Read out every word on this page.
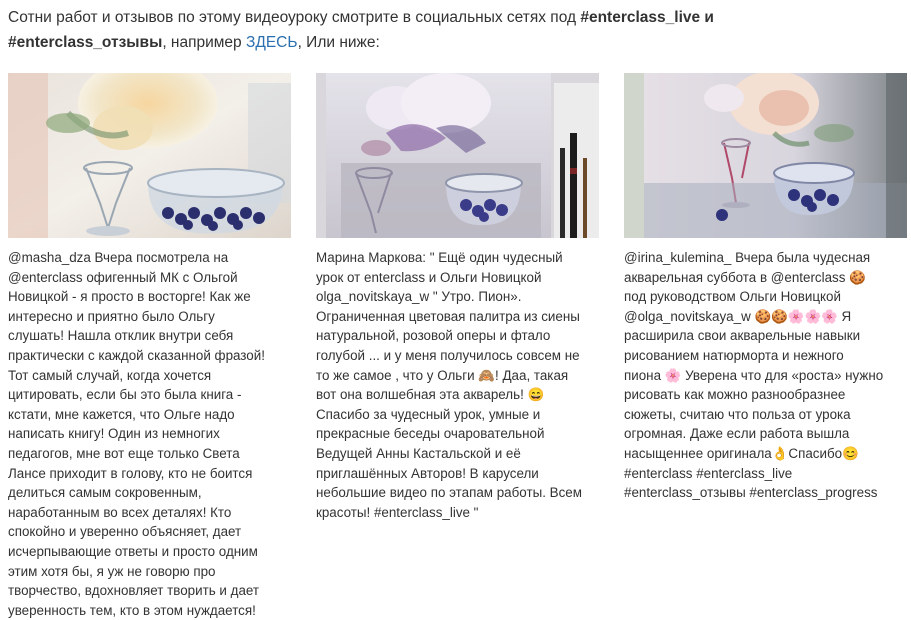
Сотни работ и отзывов по этому видеоуроку смотрите в социальных сетях под #enterclass_live и
#enterclass_отзывы, например ЗДЕСЬ, Или ниже:
@masha_dza Вчера посмотрела на
@enterclass офигенный МК с Ольгой
Новицкой - я просто в восторге! Как же
интересно и приятно было Ольгу
слушать! Нашла отклик внутри себя
практически с каждой сказанной фразой!
Тот самый случай, когда хочется
цитировать, если бы это была книга -
кстати, мне кажется, что Ольге надо
написать книгу! Один из немногих
педагогов, мне вот еще только Света
Лансе приходит в голову, кто не боится
делиться самым сокровенным,
наработанным во всех деталях! Кто
спокойно и уверенно объясняет, дает
исчерпывающие ответы и просто одним
этим хотя бы, я уж не говорю про
творчество, вдохновляет творить и дает
уверенность тем, кто в этом нуждается!
Марина Маркова: " Ещё один чудесный
урок от enterclass и Ольги Новицкой
olga_novitskaya_w " Утро. Пион».
Ограниченная цветовая палитра из сиены
натуральной, розовой оперы и фтало
голубой ... и у меня получилось совсем не
то же самое , что у Ольги 🙈! Даа, такая
вот она волшебная эта акварель! 😄
Спасибо за чудесный урок, умные и
прекрасные беседы очаровательной
Ведущей Анны Кастальской и её
приглашённых Авторов! В карусели
небольшие видео по этапам работы. Всем
красоты! #enterclass_live "
@irina_kulemina_ Вчера была чудесная
акварельная суббота в @enterclass 🍪
под руководством Ольги Новицкой
@olga_novitskaya_w 🍪🍪🌸🌸🌸 Я
расширила свои акварельные навыки
рисованием натюрморта и нежного
пиона 🌸 Уверена что для «роста» нужно
рисовать как можно разнообразнее
сюжеты, считаю что польза от урока
огромная. Даже если работа вышла
насыщеннее оригинала👌Спасибо😊
#enterclass #enterclass_live
#enterclass_отзывы #enterclass_progress
